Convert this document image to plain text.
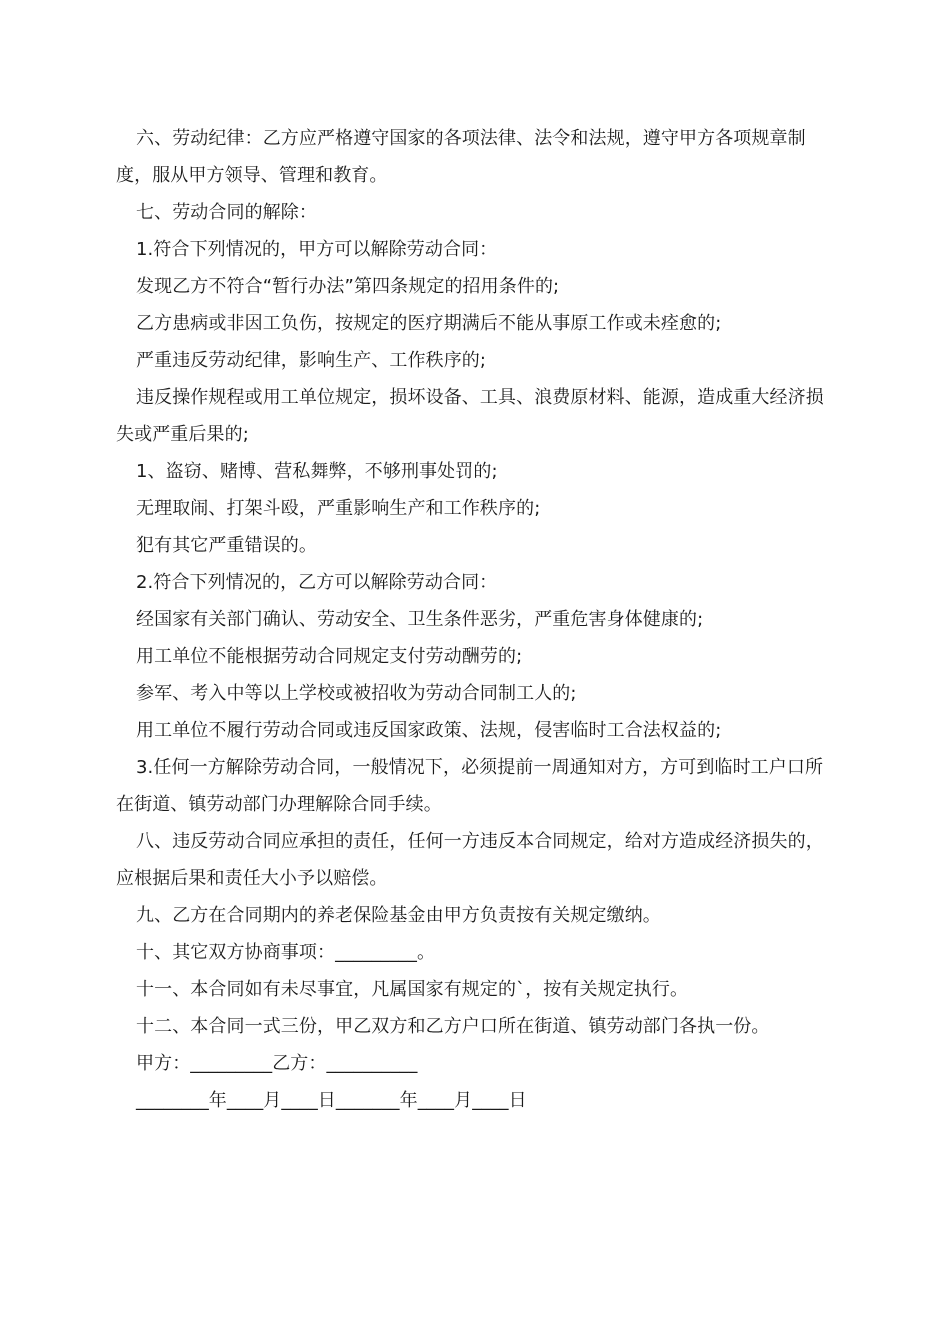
六、劳动纪律：乙方应严格遵守国家的各项法律、法令和法规，遵守甲方各项规章制度，服从甲方领导、管理和教育。

七、劳动合同的解除：

1.符合下列情况的，甲方可以解除劳动合同：

发现乙方不符合“暂行办法”第四条规定的招用条件的;

乙方患病或非因工负伤，按规定的医疗期满后不能从事原工作或未痊愈的;

严重违反劳动纪律，影响生产、工作秩序的;

违反操作规程或用工单位规定，损坏设备、工具、浪费原材料、能源，造成重大经济损失或严重后果的;

1、盗窃、赌博、营私舞弊，不够刑事处罚的;

无理取闹、打架斗殴，严重影响生产和工作秩序的;

犯有其它严重错误的。

2.符合下列情况的，乙方可以解除劳动合同：

经国家有关部门确认、劳动安全、卫生条件恶劣，严重危害身体健康的;

用工单位不能根据劳动合同规定支付劳动酬劳的;

参军、考入中等以上学校或被招收为劳动合同制工人的;

用工单位不履行劳动合同或违反国家政策、法规，侵害临时工合法权益的;

3.任何一方解除劳动合同，一般情况下，必须提前一周通知对方，方可到临时工户口所在街道、镇劳动部门办理解除合同手续。

八、违反劳动合同应承担的责任，任何一方违反本合同规定，给对方造成经济损失的，应根据后果和责任大小予以赔偿。

九、乙方在合同期内的养老保险基金由甲方负责按有关规定缴纳。

十、其它双方协商事项：_________。

十一、本合同如有未尽事宜，凡属国家有规定的`，按有关规定执行。

十二、本合同一式三份，甲乙双方和乙方户口所在街道、镇劳动部门各执一份。

甲方：_________乙方：__________

________年____月____日_______年____月____日
